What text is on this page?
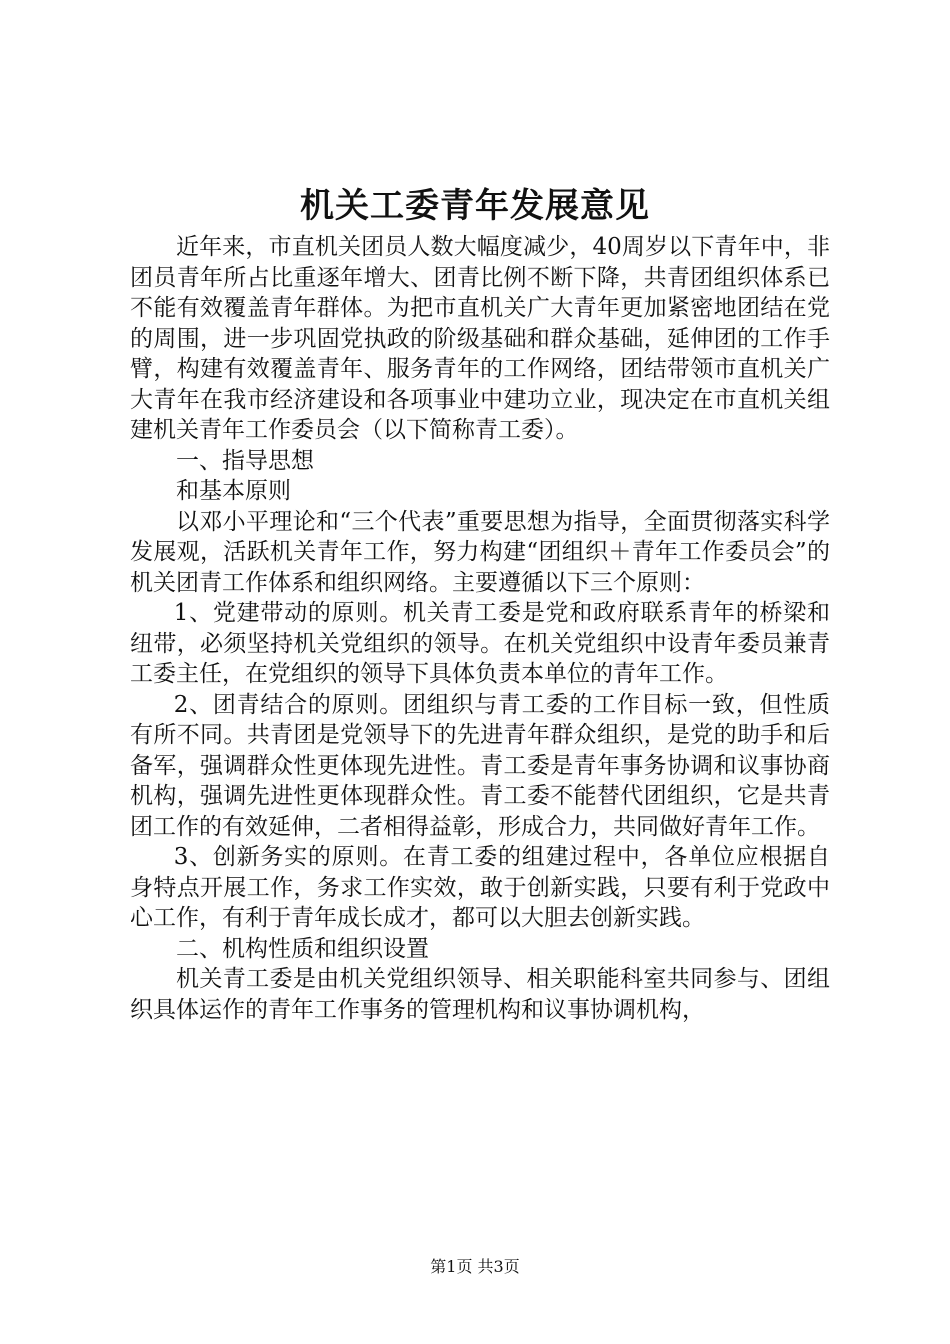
机关工委青年发展意见

近年来，市直机关团员人数大幅度减少，40周岁以下青年中，非团员青年所占比重逐年增大、团青比例不断下降，共青团组织体系已不能有效覆盖青年群体。为把市直机关广大青年更加紧密地团结在党的周围，进一步巩固党执政的阶级基础和群众基础，延伸团的工作手臂，构建有效覆盖青年、服务青年的工作网络，团结带领市直机关广大青年在我市经济建设和各项事业中建功立业，现决定在市直机关组建机关青年工作委员会（以下简称青工委）。

一、指导思想

和基本原则

以邓小平理论和“三个代表”重要思想为指导，全面贯彻落实科学发展观，活跃机关青年工作，努力构建“团组织＋青年工作委员会”的机关团青工作体系和组织网络。主要遵循以下三个原则：

1、党建带动的原则。机关青工委是党和政府联系青年的桥梁和纽带，必须坚持机关党组织的领导。在机关党组织中设青年委员兼青工委主任，在党组织的领导下具体负责本单位的青年工作。

2、团青结合的原则。团组织与青工委的工作目标一致，但性质有所不同。共青团是党领导下的先进青年群众组织，是党的助手和后备军，强调群众性更体现先进性。青工委是青年事务协调和议事协商机构，强调先进性更体现群众性。青工委不能替代团组织，它是共青团工作的有效延伸，二者相得益彰，形成合力，共同做好青年工作。

3、创新务实的原则。在青工委的组建过程中，各单位应根据自身特点开展工作，务求工作实效，敢于创新实践，只要有利于党政中心工作，有利于青年成长成才，都可以大胆去创新实践。

二、机构性质和组织设置

机关青工委是由机关党组织领导、相关职能科室共同参与、团组织具体运作的青年工作事务的管理机构和议事协调机构，

第1页 共3页
